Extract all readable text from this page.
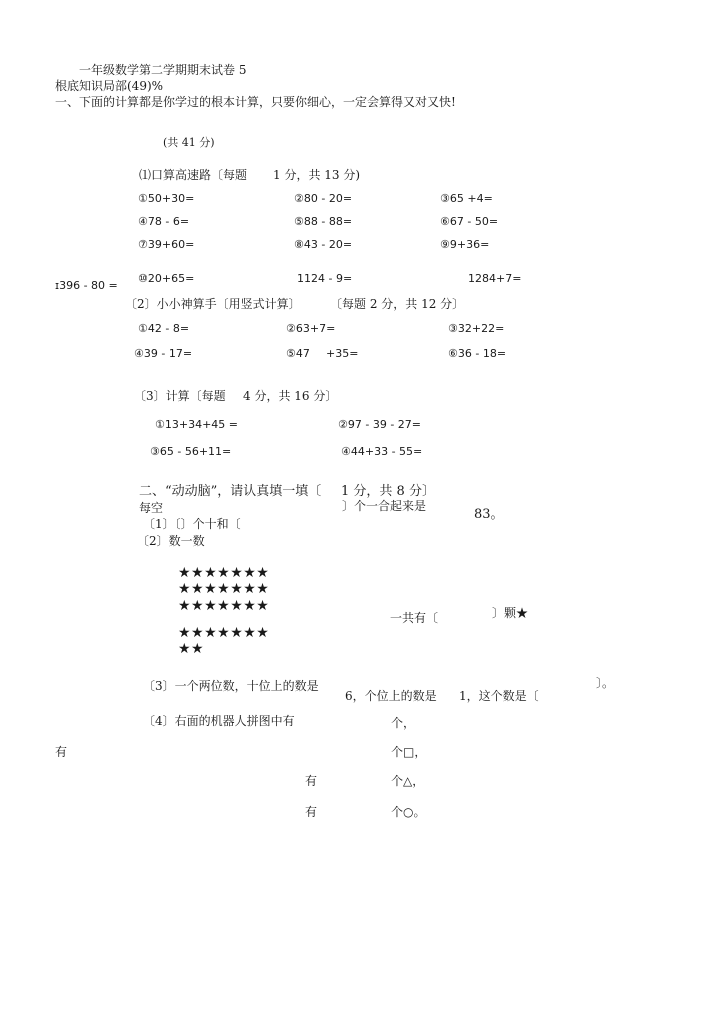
一年级数学第二学期期末试卷 5
根底知识局部(49)%
一、下面的计算都是你学过的根本计算，只要你细心，一定会算得又对又快!
(共 41 分)
⑴口算高速路〔每题 1 分，共 13 分)
①50+30=	②80 - 20=	③65 +4=
④78 - 6=	⑤88 - 88=	⑥67 - 50=
⑦39+60=	⑧43 - 20=	⑨9+36=
⑩20+65=	1124 - 9=	1284+7=
ɪ396 - 80 =
〔2〕小小神算手〔用竖式计算〕 〔每题 2 分，共 12 分〕
①42 - 8=	②63+7=	③32+22=
④39 - 17=	⑤47 +35=	⑥36 - 18=
〔3〕计算〔每题 4 分，共 16 分〕
①13+34+45 =	②97 - 39 - 27=
③65 - 56+11=	④44+33 - 55=
二、“动动脑”，请认真填一填〔 1 分，共 8 分〕
每空	〕个一合起来是
83。
〔1〕〔〕个十和〔
〔2〕数一数
★★★★★★★
★★★★★★★
★★★★★★★
★★★★★★★
★★
一共有〔	〕颗★
〔3〕一个两位数，十位上的数是
6，个位上的数是 1，这个数是〔
〕。
〔4〕右面的机器人拼图中有	个，
有	个□，
有	个△，
有	个○。
